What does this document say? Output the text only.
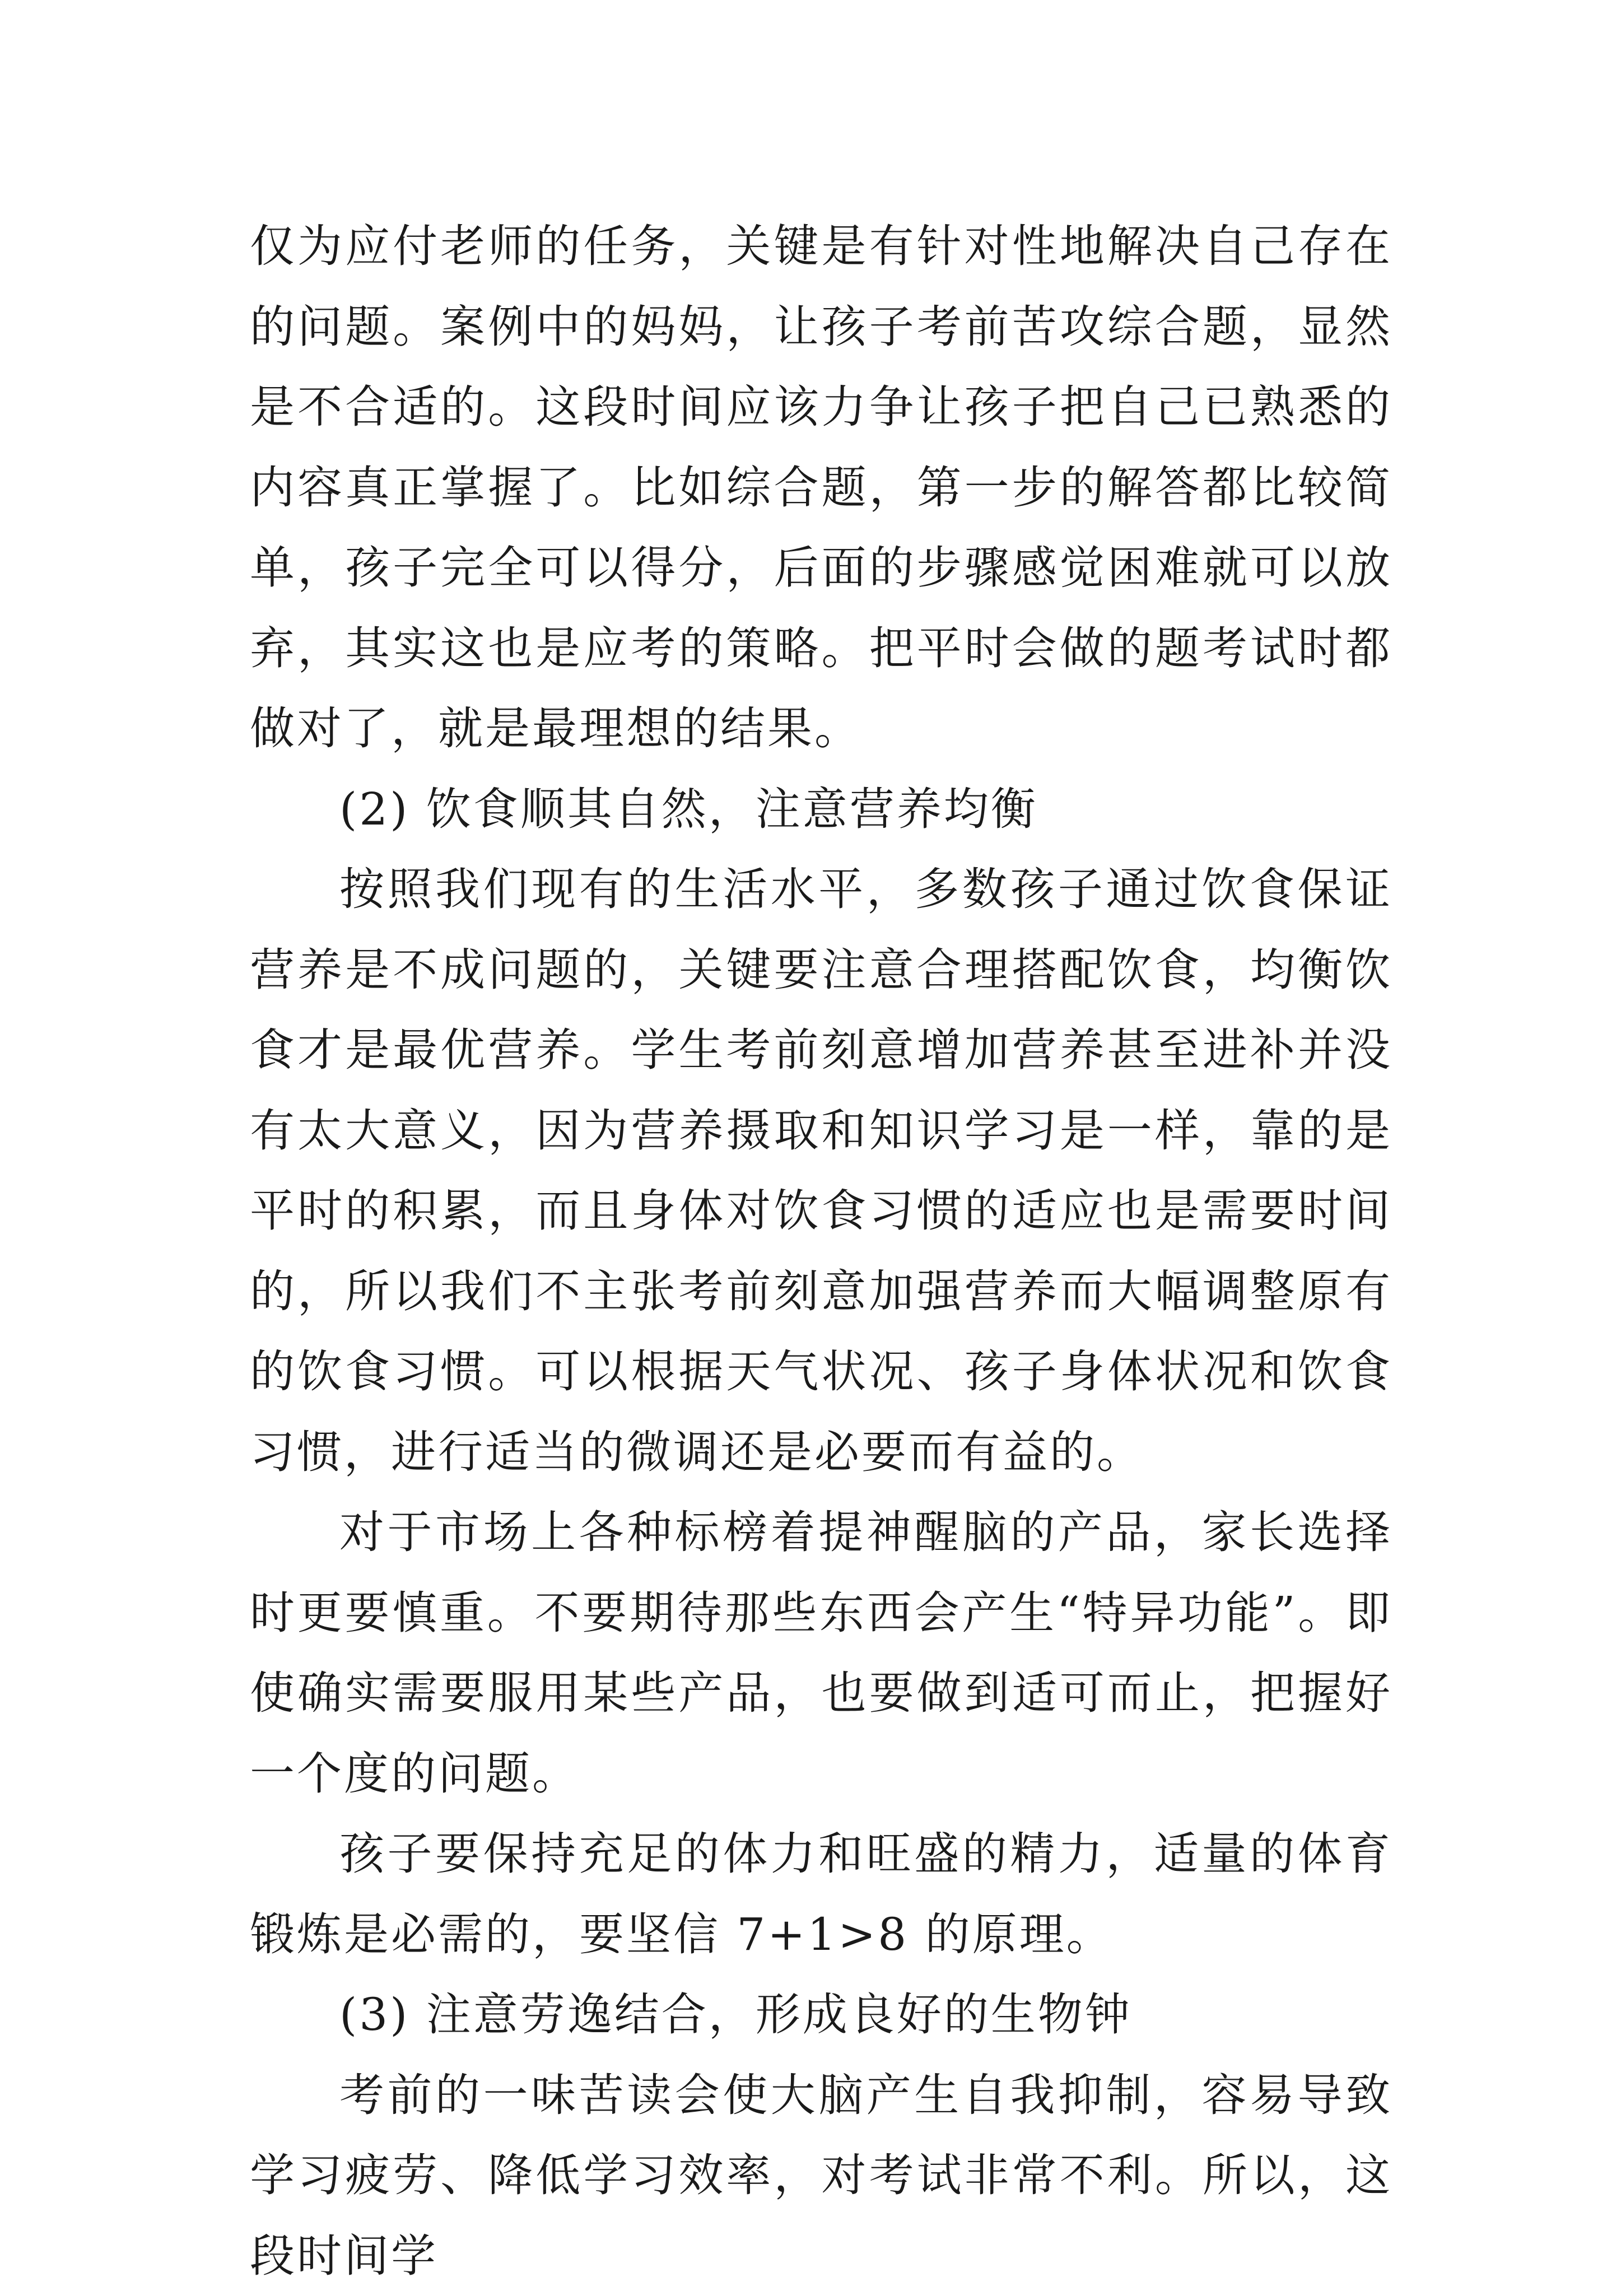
仅为应付老师的任务，关键是有针对性地解决自己存在的问题。案例中的妈妈，让孩子考前苦攻综合题，显然是不合适的。这段时间应该力争让孩子把自己已熟悉的内容真正掌握了。比如综合题，第一步的解答都比较简单，孩子完全可以得分，后面的步骤感觉困难就可以放弃，其实这也是应考的策略。把平时会做的题考试时都做对了，就是最理想的结果。

(2) 饮食顺其自然，注意营养均衡

按照我们现有的生活水平，多数孩子通过饮食保证营养是不成问题的，关键要注意合理搭配饮食，均衡饮食才是最优营养。学生考前刻意增加营养甚至进补并没有太大意义，因为营养摄取和知识学习是一样，靠的是平时的积累，而且身体对饮食习惯的适应也是需要时间的，所以我们不主张考前刻意加强营养而大幅调整原有的饮食习惯。可以根据天气状况、孩子身体状况和饮食习惯，进行适当的微调还是必要而有益的。

对于市场上各种标榜着提神醒脑的产品，家长选择时更要慎重。不要期待那些东西会产生“特异功能”。即使确实需要服用某些产品，也要做到适可而止，把握好一个度的问题。

孩子要保持充足的体力和旺盛的精力，适量的体育锻炼是必需的，要坚信 7+1>8 的原理。

(3) 注意劳逸结合，形成良好的生物钟

考前的一味苦读会使大脑产生自我抑制，容易导致学习疲劳、降低学习效率，对考试非常不利。所以，这段时间学
